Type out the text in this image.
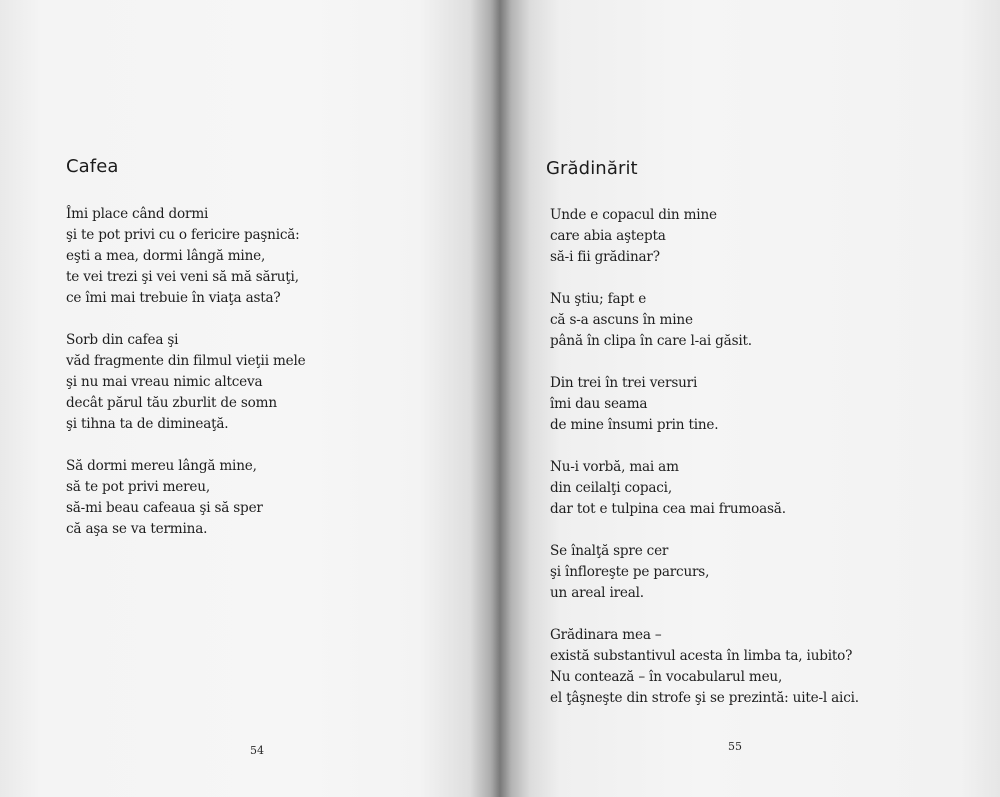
Cafea
Îmi place când dormi
şi te pot privi cu o fericire paşnică:
eşti a mea, dormi lângă mine,
te vei trezi şi vei veni să mă săruţi,
ce îmi mai trebuie în viaţa asta?
Sorb din cafea şi
văd fragmente din filmul vieţii mele
şi nu mai vreau nimic altceva
decât părul tău zburlit de somn
şi tihna ta de dimineaţă.
Să dormi mereu lângă mine,
să te pot privi mereu,
să-mi beau cafeaua şi să sper
că aşa se va termina.
54
Grădinărit
Unde e copacul din mine
care abia aştepta
să-i fii grădinar?
Nu ştiu; fapt e
că s-a ascuns în mine
până în clipa în care l-ai găsit.
Din trei în trei versuri
îmi dau seama
de mine însumi prin tine.
Nu-i vorbă, mai am
din ceilalţi copaci,
dar tot e tulpina cea mai frumoasă.
Se înalţă spre cer
şi înfloreşte pe parcurs,
un areal ireal.
Grădinara mea –
există substantivul acesta în limba ta, iubito?
Nu contează – în vocabularul meu,
el ţâşneşte din strofe şi se prezintă: uite-l aici.
55
